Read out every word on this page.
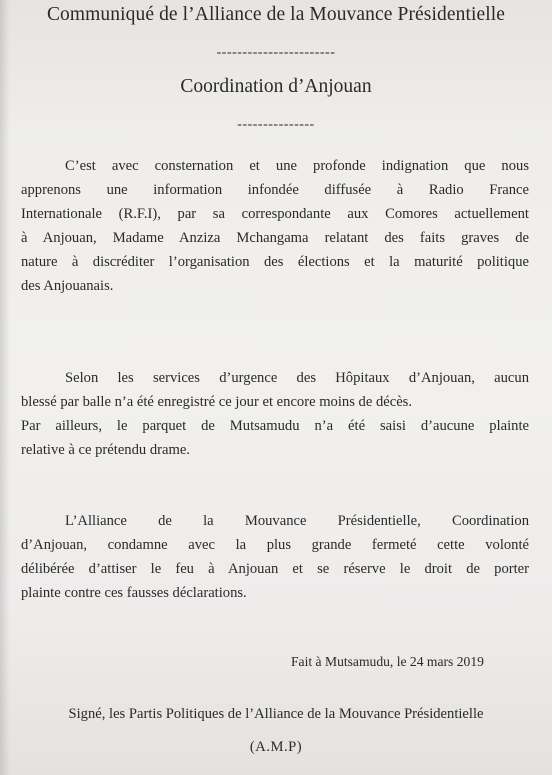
Communiqué de l’Alliance de la Mouvance Présidentielle
-----------------------
Coordination d’Anjouan
---------------
C’est avec consternation et une profonde indignation que nous
apprenons une information infondée diffusée à Radio France
Internationale (R.F.I), par sa correspondante aux Comores actuellement
à Anjouan, Madame Anziza Mchangama relatant des faits graves de
nature à discréditer l’organisation des élections et la maturité politique
des Anjouanais.
Selon les services d’urgence des Hôpitaux d’Anjouan, aucun
blessé par balle n’a été enregistré ce jour et encore moins de décès.
Par ailleurs, le parquet de Mutsamudu n’a été saisi d’aucune plainte
relative à ce prétendu drame.
L’Alliance de la Mouvance Présidentielle, Coordination
d’Anjouan, condamne avec la plus grande fermeté cette volonté
délibérée d’attiser le feu à Anjouan et se réserve le droit de porter
plainte contre ces fausses déclarations.
Fait à Mutsamudu, le 24 mars 2019
Signé, les Partis Politiques de l’Alliance de la Mouvance Présidentielle
(A.M.P)
